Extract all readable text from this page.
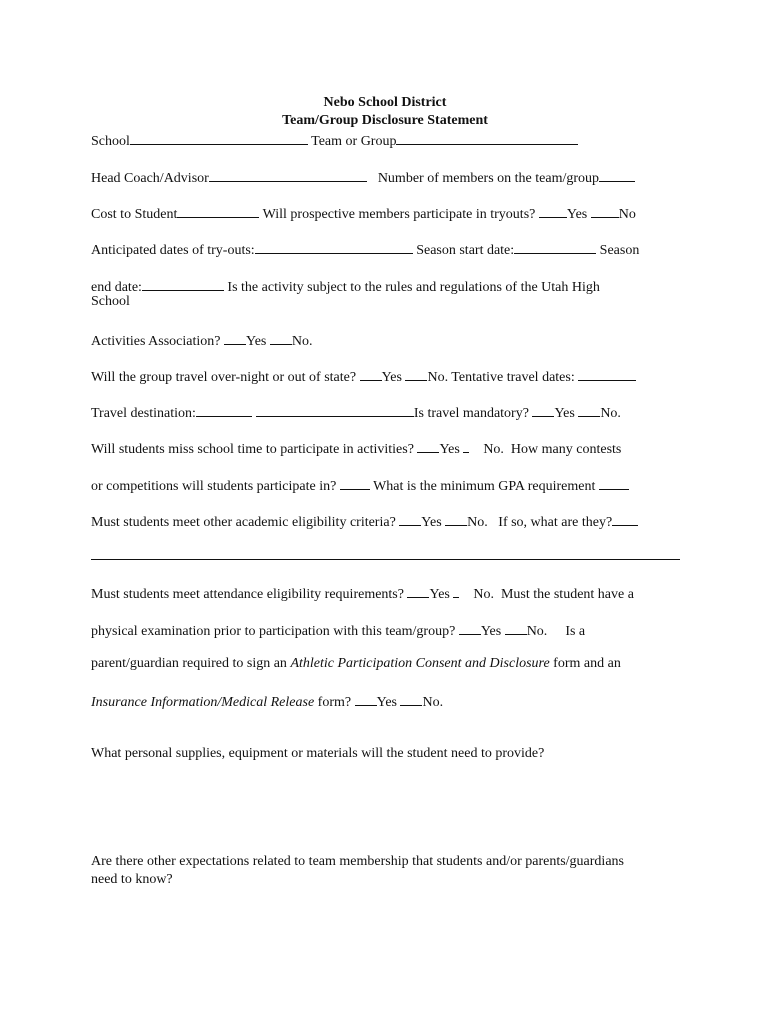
Nebo School District
Team/Group Disclosure Statement
School	Team or Group
Head Coach/Advisor	Number of members on the team/group
Cost to Student	Will prospective members participate in tryouts? Yes No
Anticipated dates of try-outs:	Season start date:	Season
end date:	Is the activity subject to the rules and regulations of the Utah High
School
Activities Association? Yes No.
Will the group travel over-night or out of state? Yes No. Tentative travel dates:
Travel destination:	Is travel mandatory? Yes No.
Will students miss school time to participate in activities? Yes No.  How many contests
or competitions will students participate in?	What is the minimum GPA requirement
Must students meet other academic eligibility criteria? Yes No.   If so, what are they?
Must students meet attendance eligibility requirements? Yes No.  Must the student have a
physical examination prior to participation with this team/group? Yes No. Is a
parent/guardian required to sign an Athletic Participation Consent and Disclosure form and an
Insurance Information/Medical Release form? Yes No.
What personal supplies, equipment or materials will the student need to provide?
Are there other expectations related to team membership that students and/or parents/guardians
need to know?
